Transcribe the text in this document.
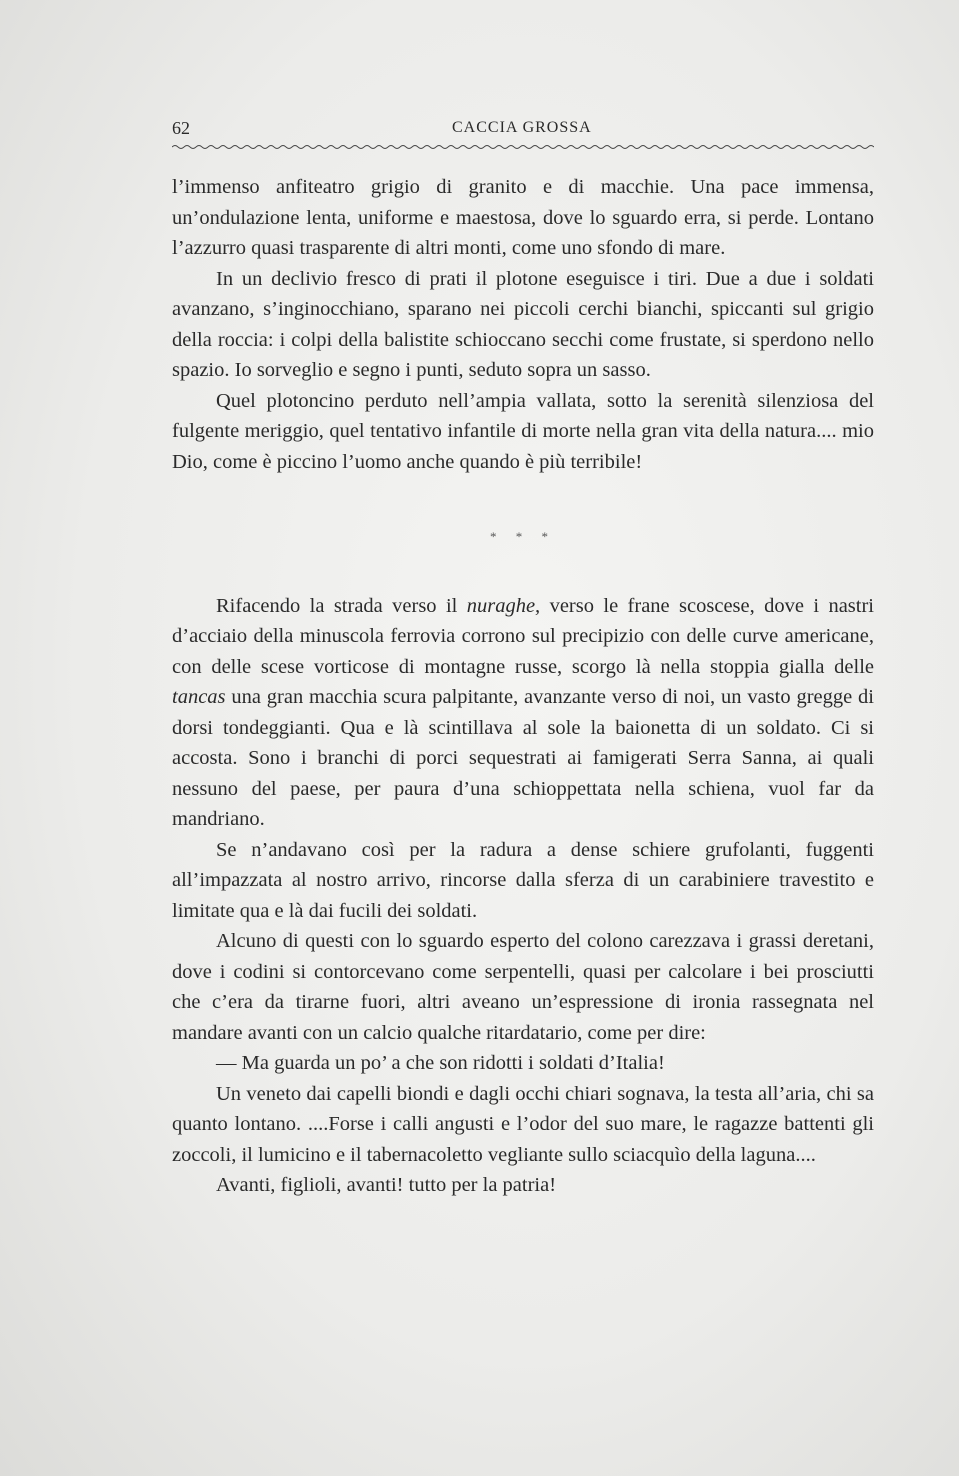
62	CACCIA GROSSA

l’immenso anfiteatro grigio di granito e di macchie. Una pace immensa, un’ondulazione lenta, uniforme e maestosa, dove lo sguardo erra, si perde. Lontano l’azzurro quasi trasparente di altri monti, come uno sfondo di mare.

In un declivio fresco di prati il plotone eseguisce i tiri. Due a due i soldati avanzano, s’inginocchiano, sparano nei piccoli cerchi bianchi, spiccanti sul grigio della roccia: i colpi della balistite schioccano secchi come frustate, si sperdono nello spazio. Io sorveglio e segno i punti, seduto sopra un sasso.

Quel plotoncino perduto nell’ampia vallata, sotto la serenità silenziosa del fulgente meriggio, quel tentativo infantile di morte nella gran vita della natura.... mio Dio, come è piccino l’uomo anche quando è più terribile!

* * *

Rifacendo la strada verso il nuraghe, verso le frane scoscese, dove i nastri d’acciaio della minuscola ferrovia corrono sul precipizio con delle curve americane, con delle scese vorticose di montagne russe, scorgo là nella stoppia gialla delle tancas una gran macchia scura palpitante, avanzante verso di noi, un vasto gregge di dorsi tondeggianti. Qua e là scintillava al sole la baionetta di un soldato. Ci si accosta. Sono i branchi di porci sequestrati ai famigerati Serra Sanna, ai quali nessuno del paese, per paura d’una schioppettata nella schiena, vuol far da mandriano.

Se n’andavano così per la radura a dense schiere grufolanti, fuggenti all’impazzata al nostro arrivo, rincorse dalla sferza di un carabiniere travestito e limitate qua e là dai fucili dei soldati.

Alcuno di questi con lo sguardo esperto del colono carezzava i grassi deretani, dove i codini si contorcevano come serpentelli, quasi per calcolare i bei prosciutti che c’era da tirarne fuori, altri aveano un’espressione di ironia rassegnata nel mandare avanti con un calcio qualche ritardatario, come per dire:

— Ma guarda un po’ a che son ridotti i soldati d’Italia!

Un veneto dai capelli biondi e dagli occhi chiari sognava, la testa all’aria, chi sa quanto lontano. ....Forse i calli angusti e l’odor del suo mare, le ragazze battenti gli zoccoli, il lumicino e il tabernacoletto vegliante sullo sciacquìo della laguna....

Avanti, figlioli, avanti! tutto per la patria!
